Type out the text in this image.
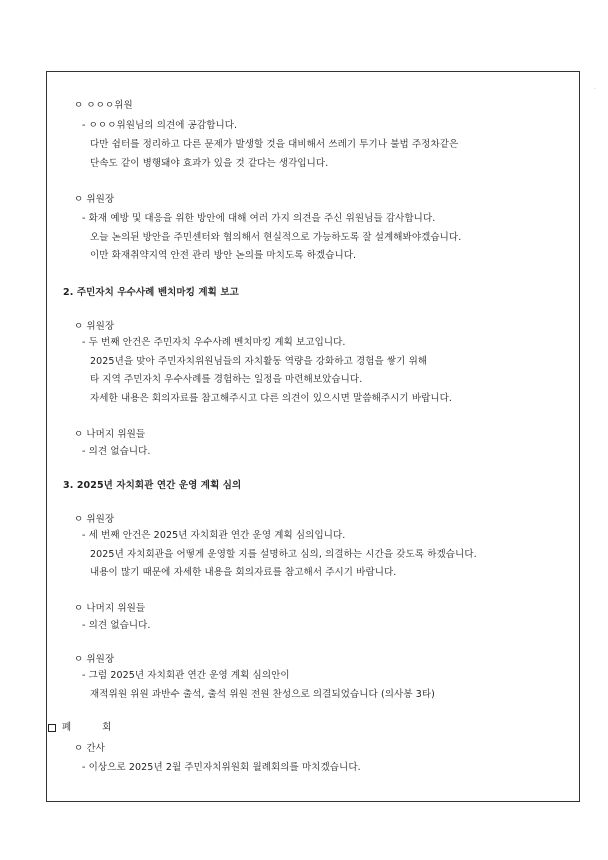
·
ㅇ ㅇㅇㅇ위원
- ㅇㅇㅇ위원님의 의견에 공감합니다.
다만 쉼터를 정리하고 다른 문제가 발생할 것을 대비해서 쓰레기 투기나 불법 주정차같은
단속도 같이 병행돼야 효과가 있을 것 같다는 생각입니다.
ㅇ 위원장
- 화재 예방 및 대응을 위한 방안에 대해 여러 가지 의견을 주신 위원님들 감사합니다.
오늘 논의된 방안을 주민센터와 협의해서 현실적으로 가능하도록 잘 설계해봐야겠습니다.
이만 화재취약지역 안전 관리 방안 논의를 마치도록 하겠습니다.
2. 주민자치 우수사례 벤치마킹 계획 보고
ㅇ 위원장
- 두 번째 안건은 주민자치 우수사례 벤치마킹 계획 보고입니다.
2025년을 맞아 주민자치위원님들의 자치활동 역량을 강화하고 경험을 쌓기 위해
타 지역 주민자치 우수사례를 경험하는 일정을 마련해보았습니다.
자세한 내용은 회의자료를 참고해주시고 다른 의견이 있으시면 말씀해주시기 바랍니다.
ㅇ 나머지 위원들
- 의견 없습니다.
3. 2025년 자치회관 연간 운영 계획 심의
ㅇ 위원장
- 세 번째 안건은 2025년 자치회관 연간 운영 계획 심의입니다.
2025년 자치회관을 어떻게 운영할 지를 설명하고 심의, 의결하는 시간을 갖도록 하겠습니다.
내용이 많기 때문에 자세한 내용을 회의자료를 참고해서 주시기 바랍니다.
ㅇ 나머지 위원들
- 의견 없습니다.
ㅇ 위원장
- 그럼 2025년 자치회관 연간 운영 계획 심의안이
재적위원 위원 과반수 출석, 출석 위원 전원 찬성으로 의결되었습니다 (의사봉 3타)
폐 회
ㅇ 간사
- 이상으로 2025년 2월 주민자치위원회 월례회의를 마치겠습니다.
